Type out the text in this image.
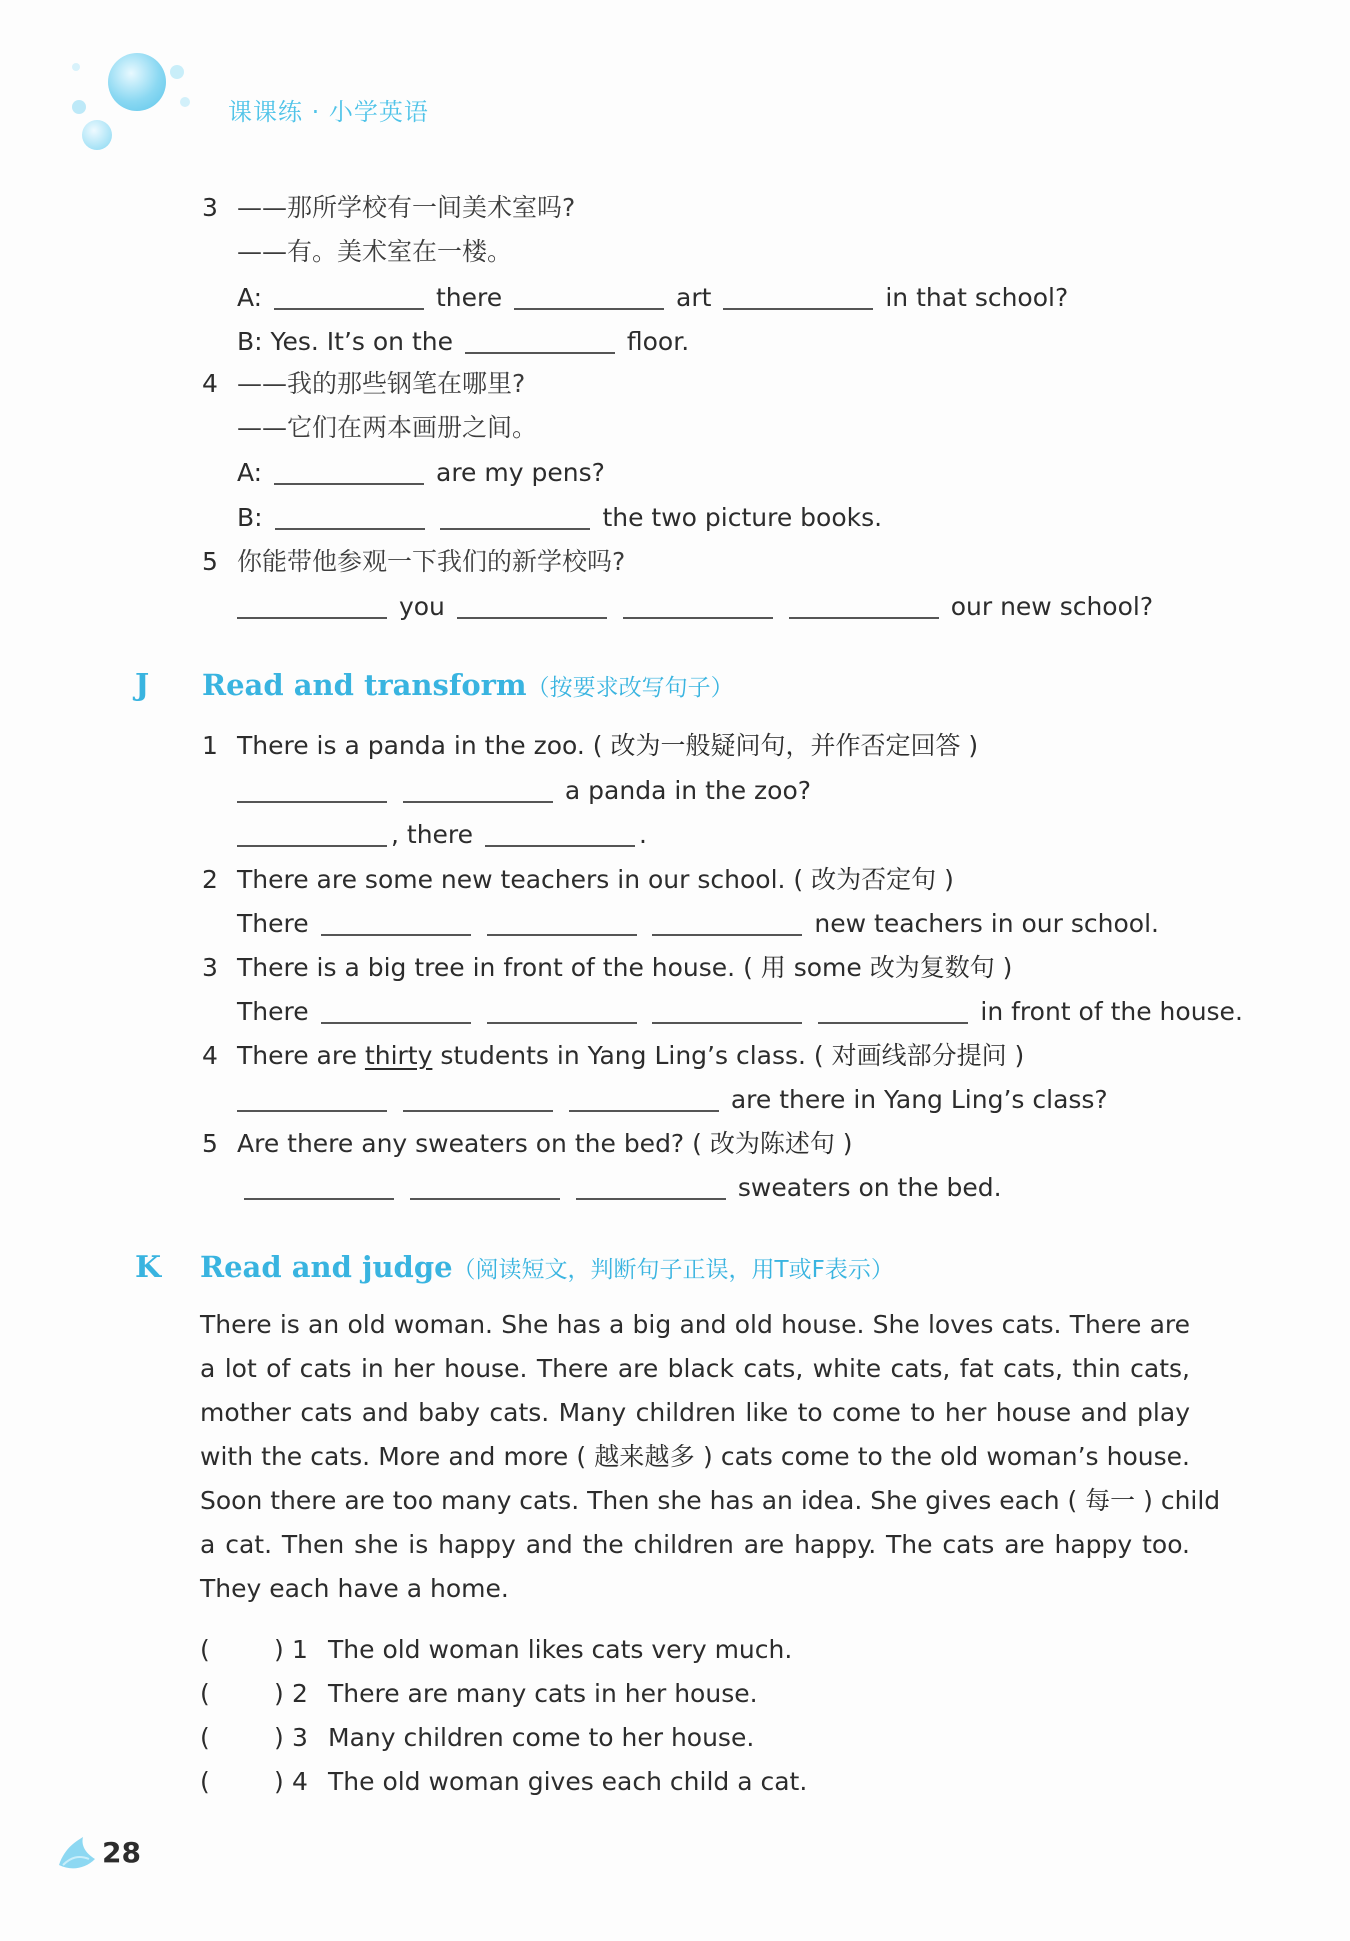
课课练 · 小学英语
3 ——那所学校有一间美术室吗?
——有。美术室在一楼。
A:	there	art	in that school?
B: Yes. It’s on the	floor.
4 ——我的那些钢笔在哪里?
——它们在两本画册之间。
A:	are my pens?
B:	the two picture books.
5 你能带他参观一下我们的新学校吗?
you	our new school?
J Read and transform（按要求改写句子）
1 There is a panda in the zoo. ( 改为一般疑问句，并作否定回答 )
a panda in the zoo?
, there	.
2 There are some new teachers in our school. ( 改为否定句 )
There	new teachers in our school.
3 There is a big tree in front of the house. ( 用 some 改为复数句 )
There	in front of the house.
4 There are thirty students in Yang Ling’s class. ( 对画线部分提问 )
are there in Yang Ling’s class?
5 Are there any sweaters on the bed? ( 改为陈述句 )
sweaters on the bed.
K Read and judge（阅读短文，判断句子正误，用T或F表示）
There is an old woman. She has a big and old house. She loves cats. There are
a lot of cats in her house. There are black cats, white cats, fat cats, thin cats,
mother cats and baby cats. Many children like to come to her house and play
with the cats. More and more ( 越来越多 ) cats come to the old woman’s house.
Soon there are too many cats. Then she has an idea. She gives each ( 每一 ) child
a cat. Then she is happy and the children are happy. The cats are happy too.
They each have a home.
(	) 1 The old woman likes cats very much.
(	) 2 There are many cats in her house.
(	) 3 Many children come to her house.
(	) 4 The old woman gives each child a cat.
28
